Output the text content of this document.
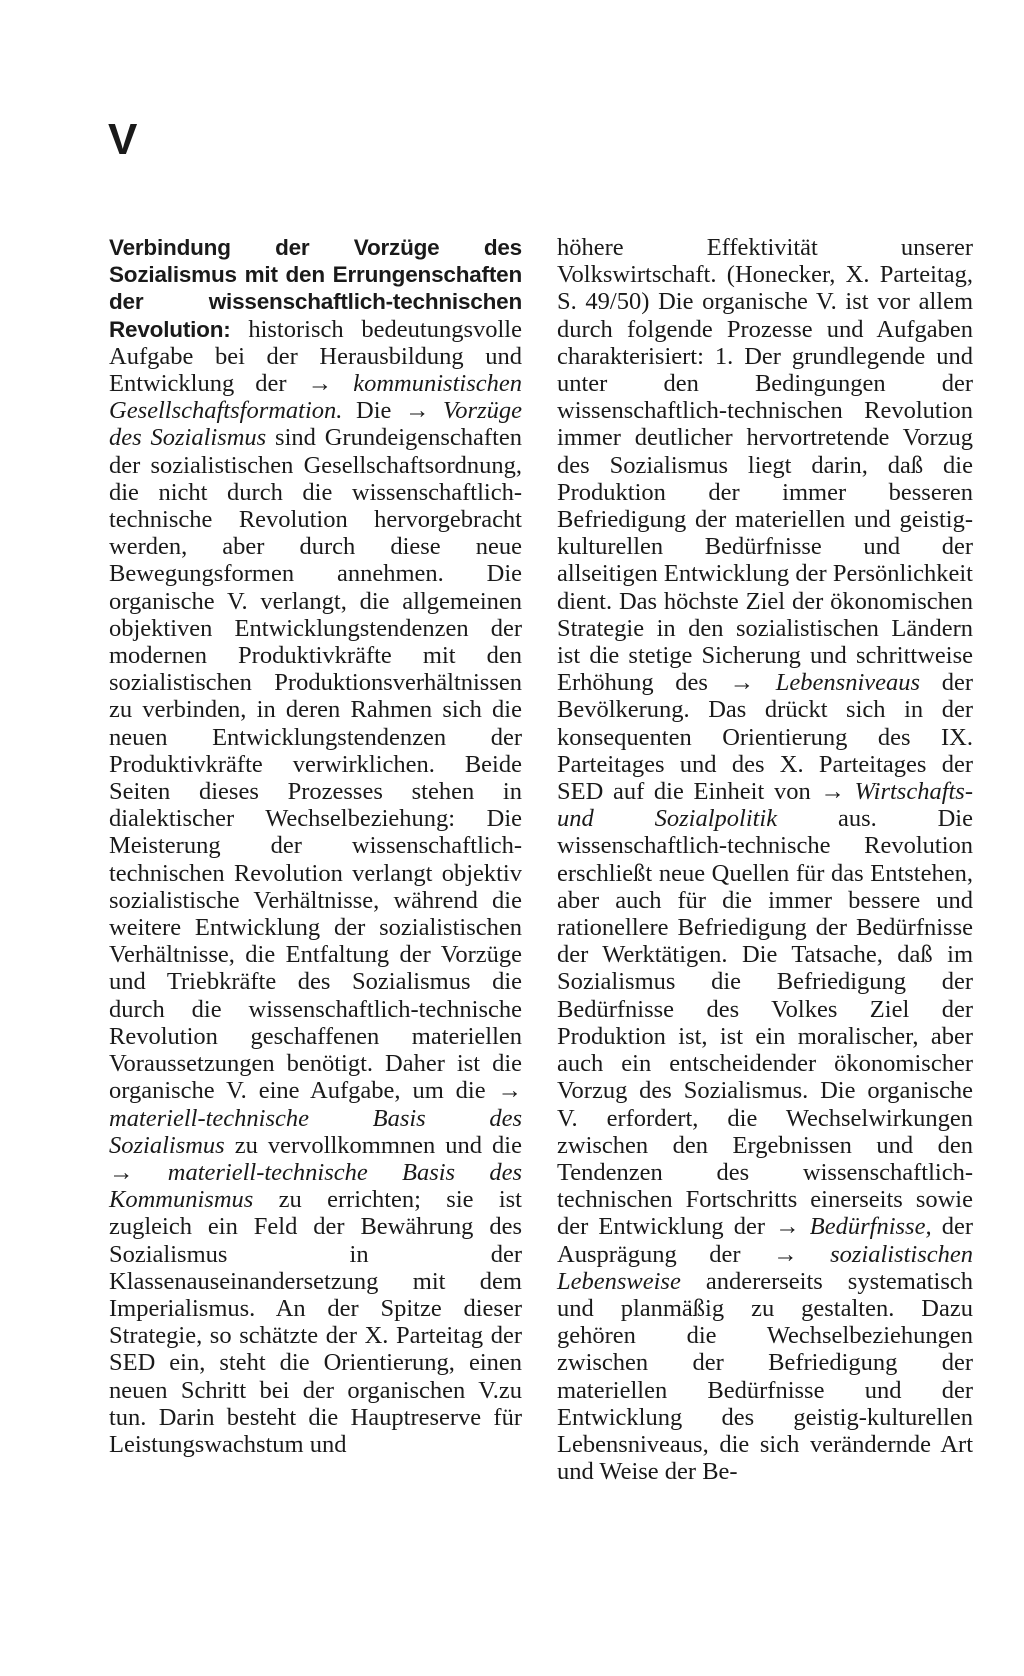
V
Verbindung der Vorzüge des Sozialismus mit den Errungenschaften der wissenschaftlich-technischen Revolution: historisch bedeutungsvolle Aufgabe bei der Herausbildung und Entwicklung der → kommunistischen Gesellschaftsformation. Die → Vorzüge des Sozialismus sind Grundeigenschaften der sozialistischen Gesellschaftsordnung, die nicht durch die wissenschaftlich-technische Revolution hervorgebracht werden, aber durch diese neue Bewegungsformen annehmen. Die organische V. verlangt, die allgemeinen objektiven Entwicklungstendenzen der modernen Produktivkräfte mit den sozialistischen Produktionsverhältnissen zu verbinden, in deren Rahmen sich die neuen Entwicklungstendenzen der Produktivkräfte verwirklichen. Beide Seiten dieses Prozesses stehen in dialektischer Wechselbeziehung: Die Meisterung der wissenschaftlich-technischen Revolution verlangt objektiv sozialistische Verhältnisse, während die weitere Entwicklung der sozialistischen Verhältnisse, die Entfaltung der Vorzüge und Triebkräfte des Sozialismus die durch die wissenschaftlich-technische Revolution geschaffenen materiellen Voraussetzungen benötigt. Daher ist die organische V. eine Aufgabe, um die → materiell-technische Basis des Sozialismus zu vervollkommnen und die → materiell-technische Basis des Kommunismus zu errichten; sie ist zugleich ein Feld der Bewährung des Sozialismus in der Klassenauseinandersetzung mit dem Imperialismus. An der Spitze dieser Strategie, so schätzte der X. Parteitag der SED ein, steht die Orientierung, einen neuen Schritt bei der organischen V.zu tun. Darin besteht die Hauptreserve für Leistungswachstum und
höhere Effektivität unserer Volkswirtschaft. (Honecker, X. Parteitag, S. 49/50) Die organische V. ist vor allem durch folgende Prozesse und Aufgaben charakterisiert: 1. Der grundlegende und unter den Bedingungen der wissenschaftlich-technischen Revolution immer deutlicher hervortretende Vorzug des Sozialismus liegt darin, daß die Produktion der immer besseren Befriedigung der materiellen und geistig-kulturellen Bedürfnisse und der allseitigen Entwicklung der Persönlichkeit dient. Das höchste Ziel der ökonomischen Strategie in den sozialistischen Ländern ist die stetige Sicherung und schrittweise Erhöhung des → Lebensniveaus der Bevölkerung. Das drückt sich in der konsequenten Orientierung des IX. Parteitages und des X. Parteitages der SED auf die Einheit von → Wirtschafts- und Sozialpolitik aus. Die wissenschaftlich-technische Revolution erschließt neue Quellen für das Entstehen, aber auch für die immer bessere und rationellere Befriedigung der Bedürfnisse der Werktätigen. Die Tatsache, daß im Sozialismus die Befriedigung der Bedürfnisse des Volkes Ziel der Produktion ist, ist ein moralischer, aber auch ein entscheidender ökonomischer Vorzug des Sozialismus. Die organische V. erfordert, die Wechselwirkungen zwischen den Ergebnissen und den Tendenzen des wissenschaftlich-technischen Fortschritts einerseits sowie der Entwicklung der → Bedürfnisse, der Ausprägung der → sozialistischen Lebensweise andererseits systematisch und planmäßig zu gestalten. Dazu gehören die Wechselbeziehungen zwischen der Befriedigung der materiellen Bedürfnisse und der Entwicklung des geistig-kulturellen Lebensniveaus, die sich verändernde Art und Weise der Be-
